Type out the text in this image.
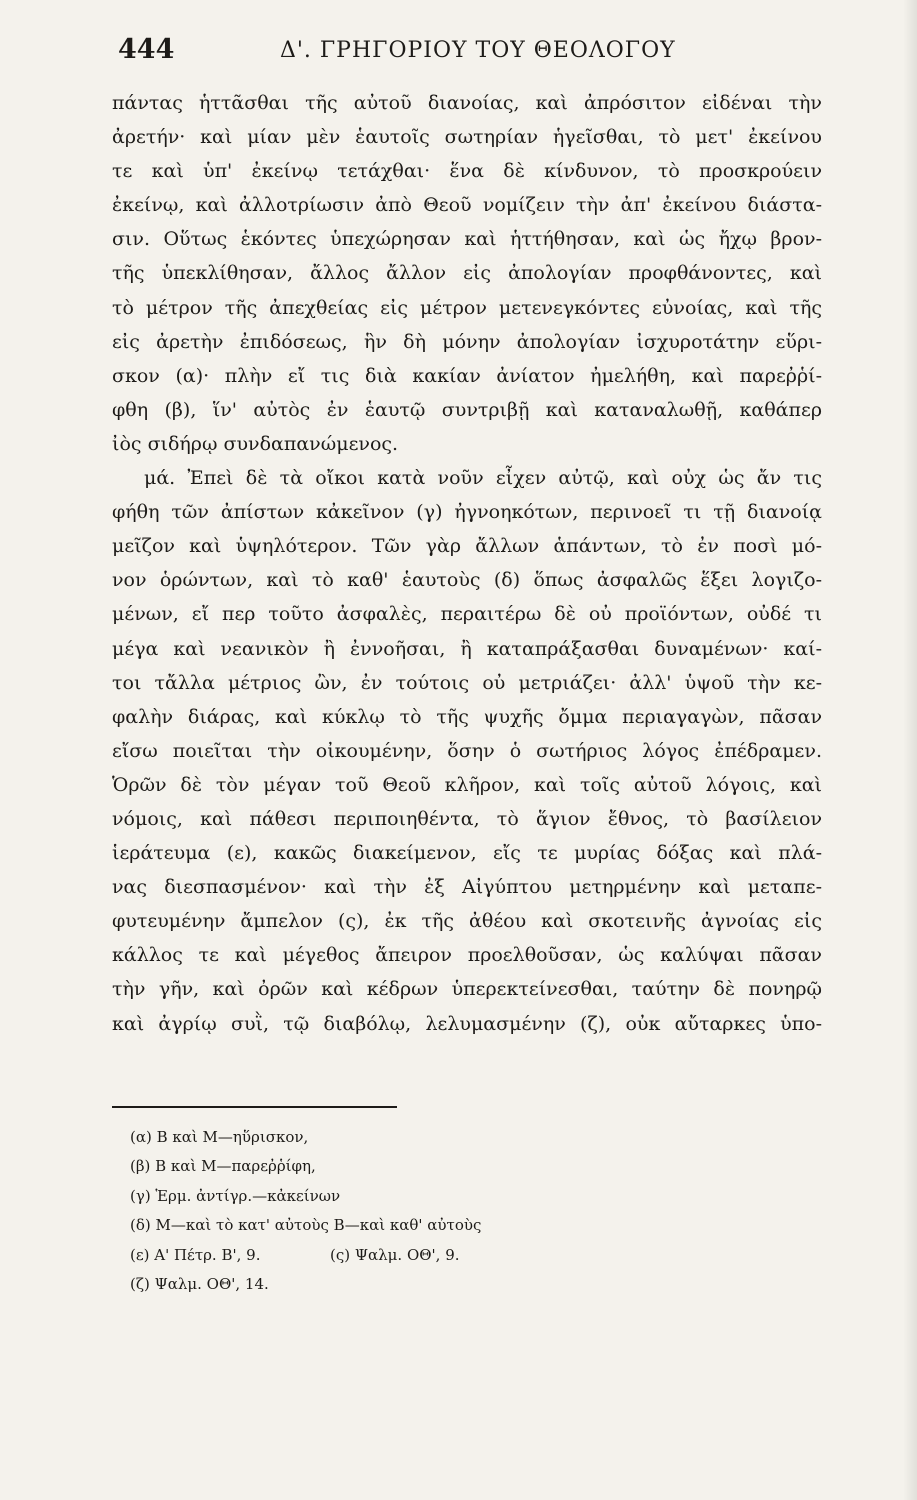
444	Δ'. ΓΡΗΓΟΡΙΟΥ ΤΟΥ ΘΕΟΛΟΓΟΥ
πάντας ἡττᾶσθαι τῆς αὐτοῦ διανοίας, καὶ ἀπρόσιτον εἰδέναι τὴν
ἀρετήν· καὶ μίαν μὲν ἑαυτοῖς σωτηρίαν ἡγεῖσθαι, τὸ μετ' ἐκείνου
τε καὶ ὑπ' ἐκείνῳ τετάχθαι· ἕνα δὲ κίνδυνον, τὸ προσκρούειν
ἐκείνῳ, καὶ ἀλλοτρίωσιν ἀπὸ Θεοῦ νομίζειν τὴν ἀπ' ἐκείνου διάστα-
σιν. Οὕτως ἑκόντες ὑπεχώρησαν καὶ ἡττήθησαν, καὶ ὡς ἤχῳ βρον-
τῆς ὑπεκλίθησαν, ἄλλος ἄλλον εἰς ἀπολογίαν προφθάνοντες, καὶ
τὸ μέτρον τῆς ἀπεχθείας εἰς μέτρον μετενεγκόντες εὐνοίας, καὶ τῆς
εἰς ἀρετὴν ἐπιδόσεως, ἣν δὴ μόνην ἀπολογίαν ἰσχυροτάτην εὕρι-
σκον (α)· πλὴν εἴ τις διὰ κακίαν ἀνίατον ἠμελήθη, καὶ παρεῤῥί-
φθη (β), ἵν' αὐτὸς ἐν ἑαυτῷ συντριβῇ καὶ καταναλωθῇ, καθάπερ
ἰὸς σιδήρῳ συνδαπανώμενος.
μά. Ἐπεὶ δὲ τὰ οἴκοι κατὰ νοῦν εἶχεν αὐτῷ, καὶ οὐχ ὡς ἄν τις
φήθη τῶν ἀπίστων κἀκεῖνον (γ) ἠγνοηκότων, περινοεῖ τι τῇ διανοίᾳ
μεῖζον καὶ ὑψηλότερον. Τῶν γὰρ ἄλλων ἁπάντων, τὸ ἐν ποσὶ μό-
νον ὁρώντων, καὶ τὸ καθ' ἑαυτοὺς (δ) ὅπως ἀσφαλῶς ἕξει λογιζο-
μένων, εἴ περ τοῦτο ἀσφαλὲς, περαιτέρω δὲ οὐ προϊόντων, οὐδέ τι
μέγα καὶ νεανικὸν ἢ ἐννοῆσαι, ἢ καταπράξασθαι δυναμένων· καί-
τοι τἄλλα μέτριος ὢν, ἐν τούτοις οὐ μετριάζει· ἀλλ' ὑψοῦ τὴν κε-
φαλὴν διάρας, καὶ κύκλῳ τὸ τῆς ψυχῆς ὄμμα περιαγαγὼν, πᾶσαν
εἴσω ποιεῖται τὴν οἰκουμένην, ὅσην ὁ σωτήριος λόγος ἐπέδραμεν.
Ὁρῶν δὲ τὸν μέγαν τοῦ Θεοῦ κλῆρον, καὶ τοῖς αὐτοῦ λόγοις, καὶ
νόμοις, καὶ πάθεσι περιποιηθέντα, τὸ ἅγιον ἔθνος, τὸ βασίλειον
ἱεράτευμα (ε), κακῶς διακείμενον, εἴς τε μυρίας δόξας καὶ πλά-
νας διεσπασμένον· καὶ τὴν ἐξ Αἰγύπτου μετηρμένην καὶ μεταπε-
φυτευμένην ἄμπελον (ς), ἐκ τῆς ἀθέου καὶ σκοτεινῆς ἀγνοίας εἰς
κάλλος τε καὶ μέγεθος ἄπειρον προελθοῦσαν, ὡς καλύψαι πᾶσαν
τὴν γῆν, καὶ ὀρῶν καὶ κέδρων ὑπερεκτείνεσθαι, ταύτην δὲ πονηρῷ
καὶ ἀγρίῳ συῒ, τῷ διαβόλῳ, λελυμασμένην (ζ), οὐκ αὔταρκες ὑπο-
(α) Β καὶ Μ—ηὕρισκον,
(β) Β καὶ Μ—παρεῤῥίφη,
(γ) Ἑρμ. ἀντίγρ.—κἀκείνων
(δ) Μ—καὶ τὸ κατ' αὐτοὺς Β—καὶ καθ' αὐτοὺς
(ε) Α' Πέτρ. Β', 9.	(ς) Ψαλμ. ΟΘ', 9.
(ζ) Ψαλμ. ΟΘ', 14.
